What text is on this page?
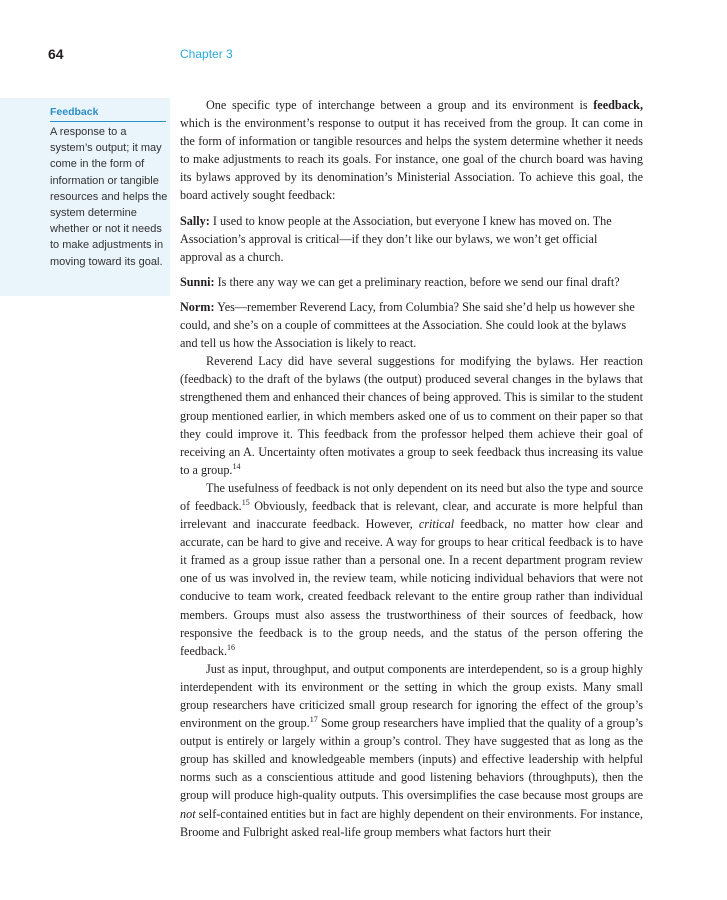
64	Chapter 3
Feedback
A response to a system’s output; it may come in the form of information or tangible resources and helps the system determine whether or not it needs to make adjustments in moving toward its goal.

One specific type of interchange between a group and its environment is feedback, which is the environment’s response to output it has received from the group. It can come in the form of information or tangible resources and helps the system determine whether it needs to make adjustments to reach its goals. For instance, one goal of the church board was having its bylaws approved by its denomination’s Ministerial Association. To achieve this goal, the board actively sought feedback:

Sally: I used to know people at the Association, but everyone I knew has moved on. The Association’s approval is critical—if they don’t like our bylaws, we won’t get official approval as a church.

Sunni: Is there any way we can get a preliminary reaction, before we send our final draft?

Norm: Yes—remember Reverend Lacy, from Columbia? She said she’d help us however she could, and she’s on a couple of committees at the Association. She could look at the bylaws and tell us how the Association is likely to react.

Reverend Lacy did have several suggestions for modifying the bylaws. Her reaction (feedback) to the draft of the bylaws (the output) produced several changes in the bylaws that strengthened them and enhanced their chances of being approved. This is similar to the student group mentioned earlier, in which members asked one of us to comment on their paper so that they could improve it. This feedback from the professor helped them achieve their goal of receiving an A. Uncertainty often motivates a group to seek feedback thus increasing its value to a group.$^{14}$

The usefulness of feedback is not only dependent on its need but also the type and source of feedback.$^{15}$ Obviously, feedback that is relevant, clear, and accurate is more helpful than irrelevant and inaccurate feedback. However, critical feedback, no matter how clear and accurate, can be hard to give and receive. A way for groups to hear critical feedback is to have it framed as a group issue rather than a personal one. In a recent department program review one of us was involved in, the review team, while noticing individual behaviors that were not conducive to team work, created feedback relevant to the entire group rather than individual members. Groups must also assess the trustworthiness of their sources of feedback, how responsive the feedback is to the group needs, and the status of the person offering the feedback.$^{16}$

Just as input, throughput, and output components are interdependent, so is a group highly interdependent with its environment or the setting in which the group exists. Many small group researchers have criticized small group research for ignoring the effect of the group’s environment on the group.$^{17}$ Some group researchers have implied that the quality of a group’s output is entirely or largely within a group’s control. They have suggested that as long as the group has skilled and knowledgeable members (inputs) and effective leadership with helpful norms such as a conscientious attitude and good listening behaviors (throughputs), then the group will produce high-quality outputs. This oversimplifies the case because most groups are not self-contained entities but in fact are highly dependent on their environments. For instance, Broome and Fulbright asked real-life group members what factors hurt their
